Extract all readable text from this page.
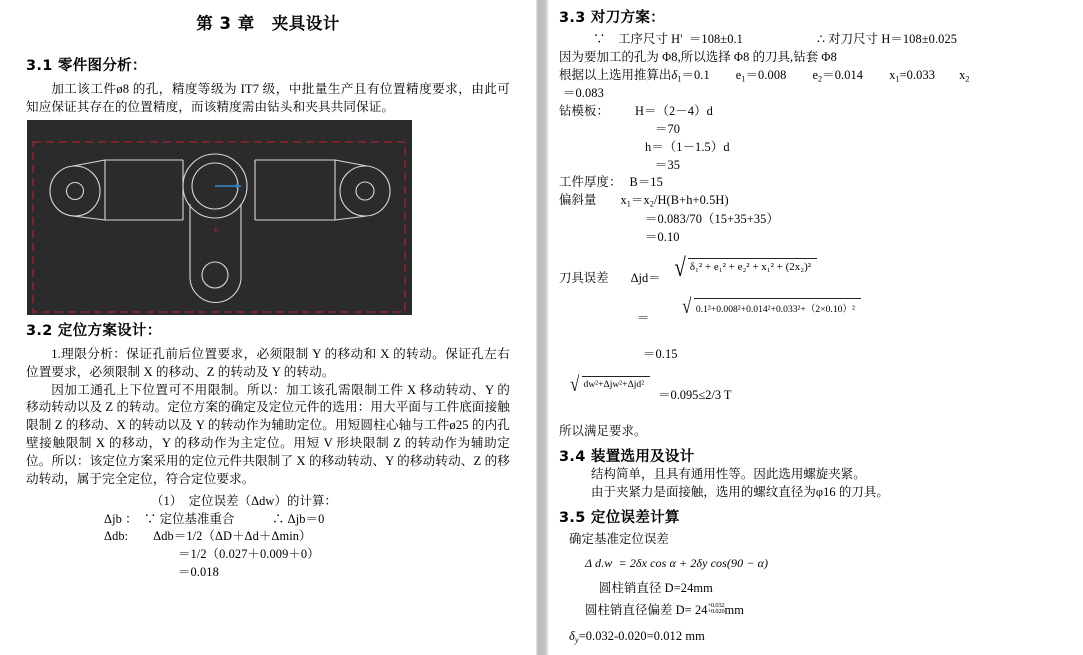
第 3 章　夹具设计
3.1 零件图分析：

加工该工件ø8 的孔，精度等级为 IT7 级，中批量生产且有位置精度要求，由此可知应保证其存在的位置精度，而该精度需由钻头和夹具共同保证。

3.2 定位方案设计：

1.理限分析：保证孔前后位置要求，必须限制 Y 的移动和 X 的转动。保证孔左右位置要求，必须限制 X 的移动、Z 的转动及 Y 的转动。

因加工通孔上下位置可不用限制。所以：加工该孔需限制工件 X 移动转动、Y 的移动转动以及 Z 的转动。定位方案的确定及定位元件的选用：用大平面与工件底面接触限制 Z 的移动、X 的转动以及 Y 的转动作为辅助定位。用短圆柱心轴与工件ø25 的内孔壁接触限制 X 的移动，Y 的移动作为主定位。用短 V 形块限制 Z 的转动作为辅助定位。所以：该定位方案采用的定位元件共限制了 X 的移动转动、Y 的移动转动、Z 的移动转动，属于完全定位，符合定位要求。

（1）　定位误差（Δdw）的计算：

Δjb ：　∵ 定位基准重合　　　∴ Δjb＝0

Δdb:　　Δdb＝1/2（ΔD＋Δd＋Δmin）

＝1/2（0.027＋0.009＋0）

＝0.018

3.3 对刀方案：

∵　工序尺寸 H'  ＝108±0.1	∴ 对刀尺寸 H＝108±0.025

因为要加工的孔为 Φ8,所以选择 Φ8 的刀具,钻套 Φ8

根据以上选用推算出$\delta_1=0.1$ $e_1=0.008$ $e_2=0.014$ $x_1=0.033$ $x_2$

＝0.083

钻模板： H＝（2－4）d

＝70

h＝（1－1.5）d

＝35

工件厚度： B＝15

偏斜量 $x_1=x_2/H(B+h+0.5H)$

＝0.083/70（15+35+35）

＝0.10

刀具误差 Δjd＝ √ δ₁² + e₁² + e₂² + x₁² + (2x₂)²
＝ √ 0.1²+0.008²+0.014²+0.033²+（2×0.10）²

＝0.15

√ dw²+Δjw²+Δjd²
＝0.095≤2/3 T

所以满足要求。

3.4 装置选用及设计

结构简单，且具有通用性等。因此选用螺旋夹紧。

由于夹紧力是面接触，选用的螺纹直径为φ16 的刀具。

3.5 定位误差计算

确定基准定位误差

Δ d.w  = 2δx cos α + 2δy cos(90 − α)

圆柱销直径 D=24mm

圆柱销直径偏差 D= 24+0.032
+0.020mm

$\delta_y=0.032-0.020=0.012$ mm
